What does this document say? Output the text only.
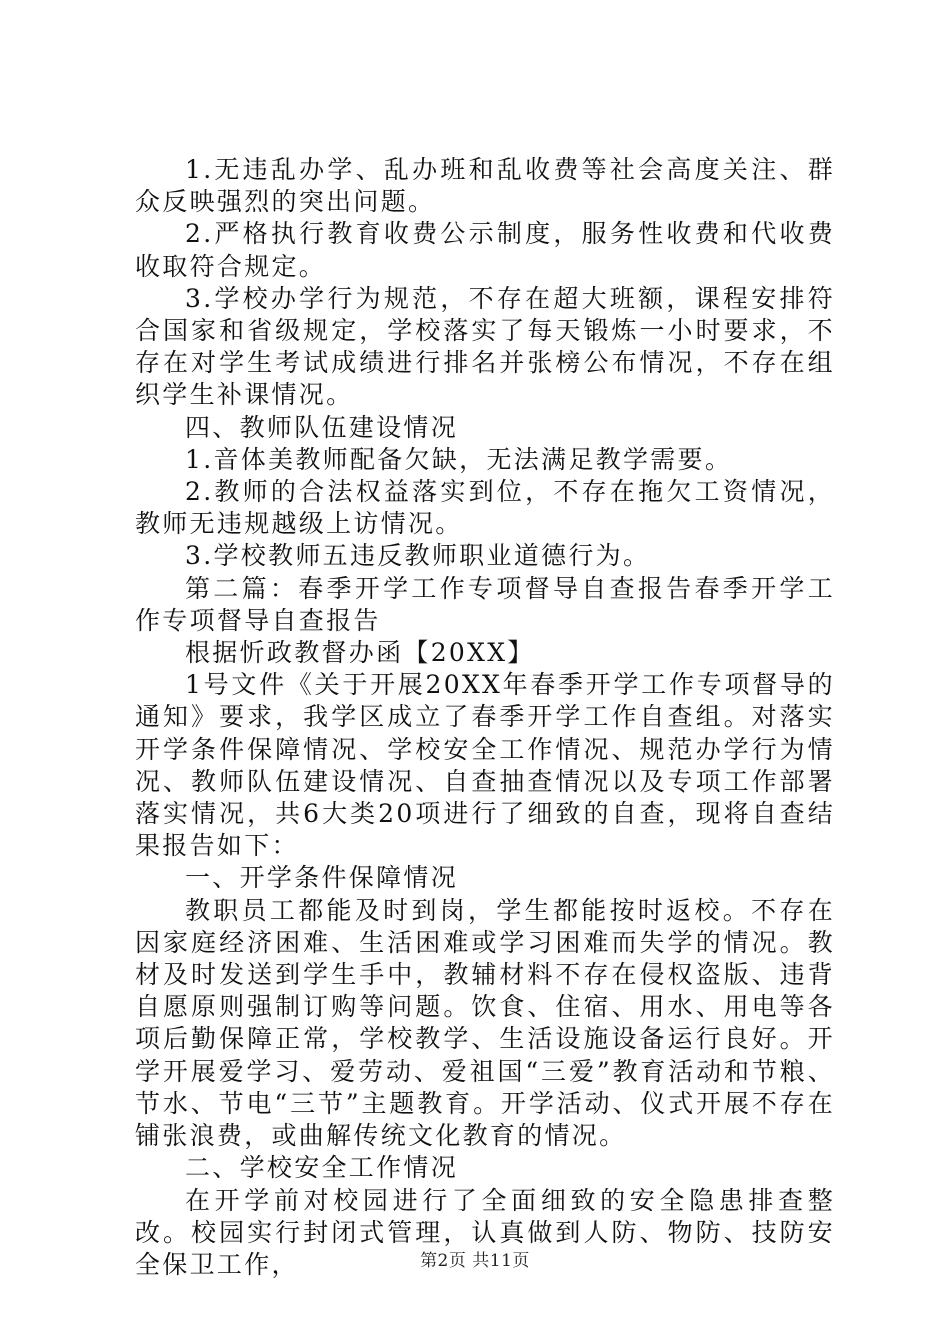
1.无违乱办学、乱办班和乱收费等社会高度关注、群众反映强烈的突出问题。

2.严格执行教育收费公示制度，服务性收费和代收费收取符合规定。

3.学校办学行为规范，不存在超大班额，课程安排符合国家和省级规定，学校落实了每天锻炼一小时要求，不存在对学生考试成绩进行排名并张榜公布情况，不存在组织学生补课情况。

四、教师队伍建设情况

1.音体美教师配备欠缺，无法满足教学需要。

2.教师的合法权益落实到位，不存在拖欠工资情况，教师无违规越级上访情况。

3.学校教师五违反教师职业道德行为。

第二篇：春季开学工作专项督导自查报告春季开学工作专项督导自查报告

根据忻政教督办函【20XX】

1号文件《关于开展20XX年春季开学工作专项督导的通知》要求，我学区成立了春季开学工作自查组。对落实开学条件保障情况、学校安全工作情况、规范办学行为情况、教师队伍建设情况、自查抽查情况以及专项工作部署落实情况，共6大类20项进行了细致的自查，现将自查结果报告如下：

一、开学条件保障情况

教职员工都能及时到岗，学生都能按时返校。不存在因家庭经济困难、生活困难或学习困难而失学的情况。教材及时发送到学生手中，教辅材料不存在侵权盗版、违背自愿原则强制订购等问题。饮食、住宿、用水、用电等各项后勤保障正常，学校教学、生活设施设备运行良好。开学开展爱学习、爱劳动、爱祖国“三爱”教育活动和节粮、节水、节电“三节”主题教育。开学活动、仪式开展不存在铺张浪费，或曲解传统文化教育的情况。

二、学校安全工作情况

在开学前对校园进行了全面细致的安全隐患排查整改。校园实行封闭式管理，认真做到人防、物防、技防安全保卫工作，	第2页 共11页
